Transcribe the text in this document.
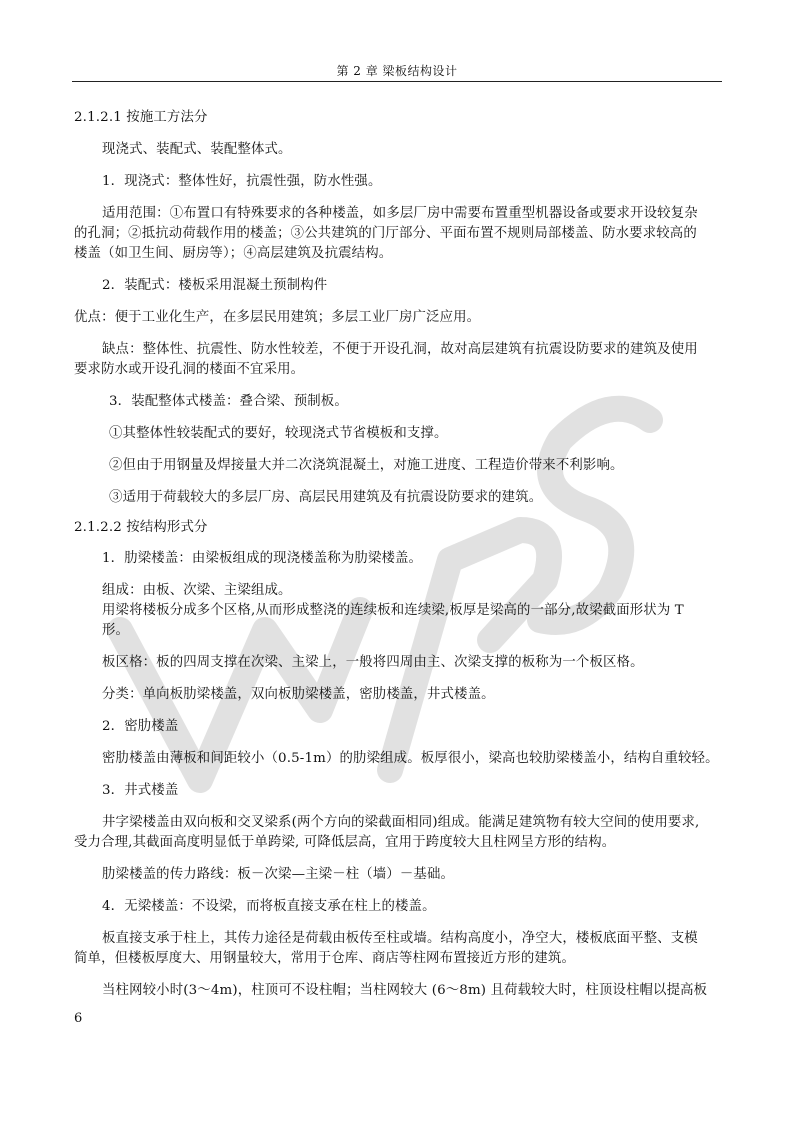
第 2 章 梁板结构设计
2.1.2.1 按施工方法分
现浇式、装配式、装配整体式。
1．现浇式：整体性好，抗震性强，防水性强。
适用范围：①布置口有特殊要求的各种楼盖，如多层厂房中需要布置重型机器设备或要求开设较复杂
的孔洞；②抵抗动荷载作用的楼盖；③公共建筑的门厅部分、平面布置不规则局部楼盖、防水要求较高的
楼盖（如卫生间、厨房等）；④高层建筑及抗震结构。
2．装配式：楼板采用混凝土预制构件
优点：便于工业化生产，在多层民用建筑；多层工业厂房广泛应用。
缺点：整体性、抗震性、防水性较差，不便于开设孔洞，故对高层建筑有抗震设防要求的建筑及使用
要求防水或开设孔洞的楼面不宜采用。
3．装配整体式楼盖：叠合梁、预制板。
①其整体性较装配式的要好，较现浇式节省模板和支撑。
②但由于用钢量及焊接量大并二次浇筑混凝土，对施工进度、工程造价带来不利影响。
③适用于荷载较大的多层厂房、高层民用建筑及有抗震设防要求的建筑。
2.1.2.2 按结构形式分
1．肋梁楼盖：由梁板组成的现浇楼盖称为肋梁楼盖。
组成：由板、次梁、主梁组成。
用梁将楼板分成多个区格,从而形成整浇的连续板和连续梁,板厚是梁高的一部分,故梁截面形状为 T
形。
板区格：板的四周支撑在次梁、主梁上，一般将四周由主、次梁支撑的板称为一个板区格。
分类：单向板肋梁楼盖，双向板肋梁楼盖，密肋楼盖，井式楼盖。
2．密肋楼盖
密肋楼盖由薄板和间距较小（0.5-1m）的肋梁组成。板厚很小，梁高也较肋梁楼盖小，结构自重较轻。
3．井式楼盖
井字梁楼盖由双向板和交叉梁系(两个方向的梁截面相同)组成。能满足建筑物有较大空间的使用要求,
受力合理,其截面高度明显低于单跨梁, 可降低层高，宜用于跨度较大且柱网呈方形的结构。
肋梁楼盖的传力路线：板－次梁—主梁－柱（墙）－基础。
4．无梁楼盖：不设梁，而将板直接支承在柱上的楼盖。
板直接支承于柱上，其传力途径是荷载由板传至柱或墙。结构高度小，净空大，楼板底面平整、支模
简单，但楼板厚度大、用钢量较大，常用于仓库、商店等柱网布置接近方形的建筑。
当柱网较小时(3～4m)，柱顶可不设柱帽；当柱网较大 (6～8m) 且荷载较大时，柱顶设柱帽以提高板
6
